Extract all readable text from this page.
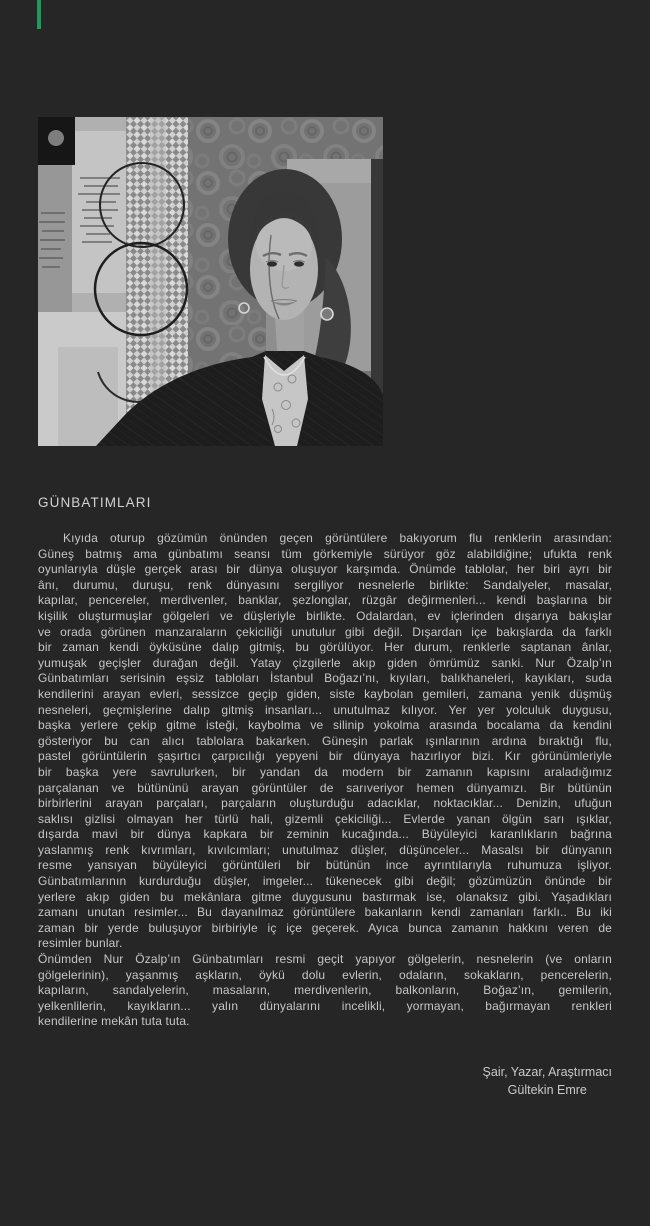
GÜNBATIMLARI
Kıyıda oturup gözümün önünden geçen görüntülere bakıyorum flu renklerin arasından:
Güneş batmış ama günbatımı seansı tüm görkemiyle sürüyor göz alabildiğine; ufukta renk
oyunlarıyla düşle gerçek arası bir dünya oluşuyor karşımda. Önümde tablolar, her biri ayrı bir
ânı, durumu, duruşu, renk dünyasını sergiliyor nesnelerle birlikte: Sandalyeler, masalar,
kapılar, pencereler, merdivenler, banklar, şezlonglar, rüzgâr değirmenleri... kendi başlarına bir
kişilik oluşturmuşlar gölgeleri ve düşleriyle birlikte. Odalardan, ev içlerinden dışarıya bakışlar
ve orada görünen manzaraların çekiciliği unutulur gibi değil. Dışardan içe bakışlarda da farklı
bir zaman kendi öyküsüne dalıp gitmiş, bu görülüyor. Her durum, renklerle saptanan ânlar,
yumuşak geçişler durağan değil. Yatay çizgilerle akıp giden ömrümüz sanki. Nur Özalp’ın
Günbatımları serisinin eşsiz tabloları İstanbul Boğazı’nı, kıyıları, balıkhaneleri, kayıkları, suda
kendilerini arayan evleri, sessizce geçip giden, siste kaybolan gemileri, zamana yenik düşmüş
nesneleri, geçmişlerine dalıp gitmiş insanları... unutulmaz kılıyor. Yer yer yolculuk duygusu,
başka yerlere çekip gitme isteği, kaybolma ve silinip yokolma arasında bocalama da kendini
gösteriyor bu can alıcı tablolara bakarken. Güneşin parlak ışınlarının ardına bıraktığı flu,
pastel görüntülerin şaşırtıcı çarpıcılığı yepyeni bir dünyaya hazırlıyor bizi. Kır görünümleriyle
bir başka yere savrulurken, bir yandan da modern bir zamanın kapısını araladığımız
parçalanan ve bütününü arayan görüntüler de sarıveriyor hemen dünyamızı. Bir bütünün
birbirlerini arayan parçaları, parçaların oluşturduğu adacıklar, noktacıklar... Denizin, ufuğun
saklısı gizlisi olmayan her türlü hali, gizemli çekiciliği... Evlerde yanan ölgün sarı ışıklar,
dışarda mavi bir dünya kapkara bir zeminin kucağında... Büyüleyici karanlıkların bağrına
yaslanmış renk kıvrımları, kıvılcımları; unutulmaz düşler, düşünceler... Masalsı bir dünyanın
resme yansıyan büyüleyici görüntüleri bir bütünün ince ayrıntılarıyla ruhumuza işliyor.
Günbatımlarının kurdurduğu düşler, imgeler... tükenecek gibi değil; gözümüzün önünde bir
yerlere akıp giden bu mekânlara gitme duygusunu bastırmak ise, olanaksız gibi. Yaşadıkları
zamanı unutan resimler... Bu dayanılmaz görüntülere bakanların kendi zamanları farklı.. Bu iki
zaman bir yerde buluşuyor birbiriyle iç içe geçerek. Ayıca bunca zamanın hakkını veren de
resimler bunlar.
Önümden Nur Özalp’ın Günbatımları resmi geçit yapıyor gölgelerin, nesnelerin (ve onların
gölgelerinin), yaşanmış aşkların, öykü dolu evlerin, odaların, sokakların, pencerelerin,
kapıların, sandalyelerin, masaların, merdivenlerin, balkonların, Boğaz’ın, gemilerin,
yelkenlilerin, kayıkların... yalın dünyalarını incelikli, yormayan, bağırmayan renkleri
kendilerine mekân tuta tuta.
Şair, Yazar, Araştırmacı
Gültekin Emre
